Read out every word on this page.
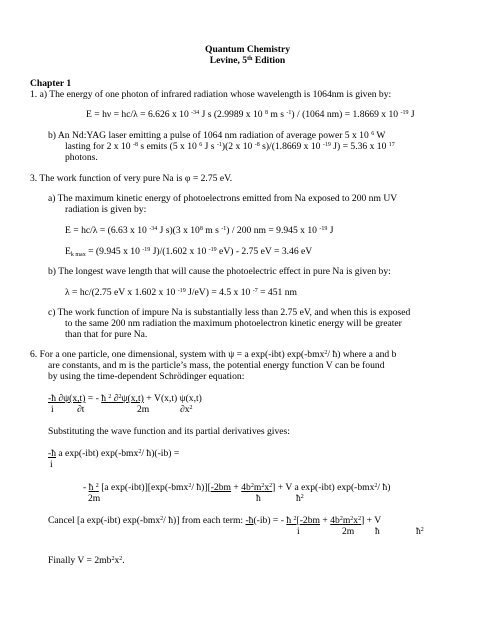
Quantum Chemistry
Levine, 5th Edition
Chapter 1
1. a) The energy of one photon of infrared radiation whose wavelength is 1064nm is given by:
E = hν = hc/λ = 6.626 x 10 $^{-34}$ J s (2.9989 x 10 $^8$ m s $^{-1}$) / (1064 nm) = 1.8669 x 10 $^{-19}$ J
b) An Nd:YAG laser emitting a pulse of 1064 nm radiation of average power 5 x 10 $^6$ W
lasting for 2 x 10 $^{-8}$ s emits (5 x 10 $^6$ J s $^{-1}$)(2 x 10 $^{-8}$ s)/(1.8669 x 10 $^{-19}$ J) = 5.36 x 10 $^{17}$
photons.
3. The work function of very pure Na is φ = 2.75 eV.
a) The maximum kinetic energy of photoelectrons emitted from Na exposed to 200 nm UV
radiation is given by:
E = hc/λ = (6.63 x 10 $^{-34}$ J s)(3 x $10^8$ m s $^{-1}$) / 200 nm = 9.945 x 10 $^{-19}$ J
$E_{k max} = (9.945$ x 10 $^{-19}$ J)/(1.602 x 10 $^{-19}$ eV) - 2.75 eV = 3.46 eV
b) The longest wave length that will cause the photoelectric effect in pure Na is given by:
λ = hc/(2.75 eV x 1.602 x 10 $^{-19}$ J/eV) = 4.5 x 10 $^{-7}$ = 451 nm
c) The work function of impure Na is substantially less than 2.75 eV, and when this is exposed
to the same 200 nm radiation the maximum photoelectron kinetic energy will be greater
than that for pure Na.
6. For a one particle, one dimensional, system with ψ = a exp(-ibt) exp(-bmx$^2$/ ħ) where a and b
are constants, and m is the particle’s mass, the potential energy function V can be found
by using the time-dependent Schrödinger equation:
-ħ ∂ψ(x,t) = - ħ $^2$ ∂$^2$ψ(x,t) + V(x,t) ψ(x,t)
i ∂t	2m	$\partial x^2$
Substituting the wave function and its partial derivatives gives:
-ħ a exp(-ibt) exp(-bmx$^2$/ ħ)(-ib) =
i
- ħ $^2$ [a exp(-ibt)][exp(-bmx$^2$/ ħ)][-2bm + $4b^2m^2x^2] + V$ a exp(-ibt) exp(-bmx$^2$/ ħ)
2m	ħ	$ħ^2$
Cancel [a exp(-ibt) exp(-bmx$^2$/ ħ)] from each term: -ħ(-ib) = - ħ $^2[-2bm + 4b^2m^2x^2] + V$
i	2m ħ	$ħ^2$
Finally $V = 2mb^2x^2$.
